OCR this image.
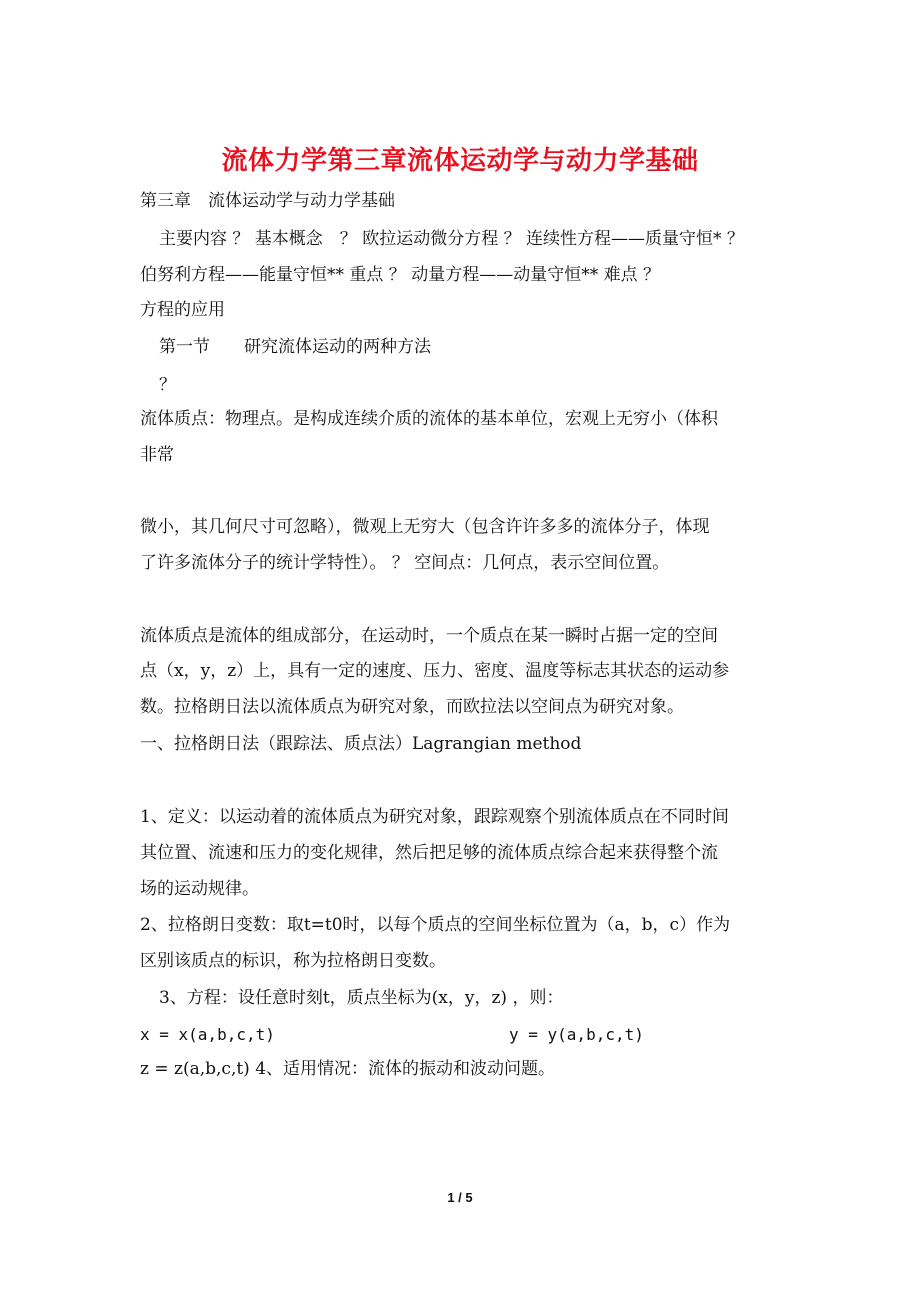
流体力学第三章流体运动学与动力学基础
第三章　流体运动学与动力学基础
主要内容 ？ 基本概念　？ 欧拉运动微分方程 ？ 连续性方程——质量守恒* ？
伯努利方程——能量守恒** 重点 ？ 动量方程——动量守恒** 难点 ？
方程的应用
第一节　　研究流体运动的两种方法
？
流体质点：物理点。是构成连续介质的流体的基本单位，宏观上无穷小（体积
非常
微小，其几何尺寸可忽略），微观上无穷大（包含许许多多的流体分子，体现
了许多流体分子的统计学特性）。 ？ 空间点：几何点，表示空间位置。
流体质点是流体的组成部分，在运动时，一个质点在某一瞬时占据一定的空间
点（x，y，z）上，具有一定的速度、压力、密度、温度等标志其状态的运动参
数。拉格朗日法以流体质点为研究对象，而欧拉法以空间点为研究对象。
一、拉格朗日法（跟踪法、质点法）Lagrangian method
1、定义：以运动着的流体质点为研究对象，跟踪观察个别流体质点在不同时间
其位置、流速和压力的变化规律，然后把足够的流体质点综合起来获得整个流
场的运动规律。
2、拉格朗日变数：取t=t0时，以每个质点的空间坐标位置为（a，b，c）作为
区别该质点的标识，称为拉格朗日变数。
3、方程：设任意时刻t，质点坐标为(x，y，z) ，则：
x = x(a,b,c,t)	y = y(a,b,c,t)
z = z(a,b,c,t) 4、适用情况：流体的振动和波动问题。
1 / 5
